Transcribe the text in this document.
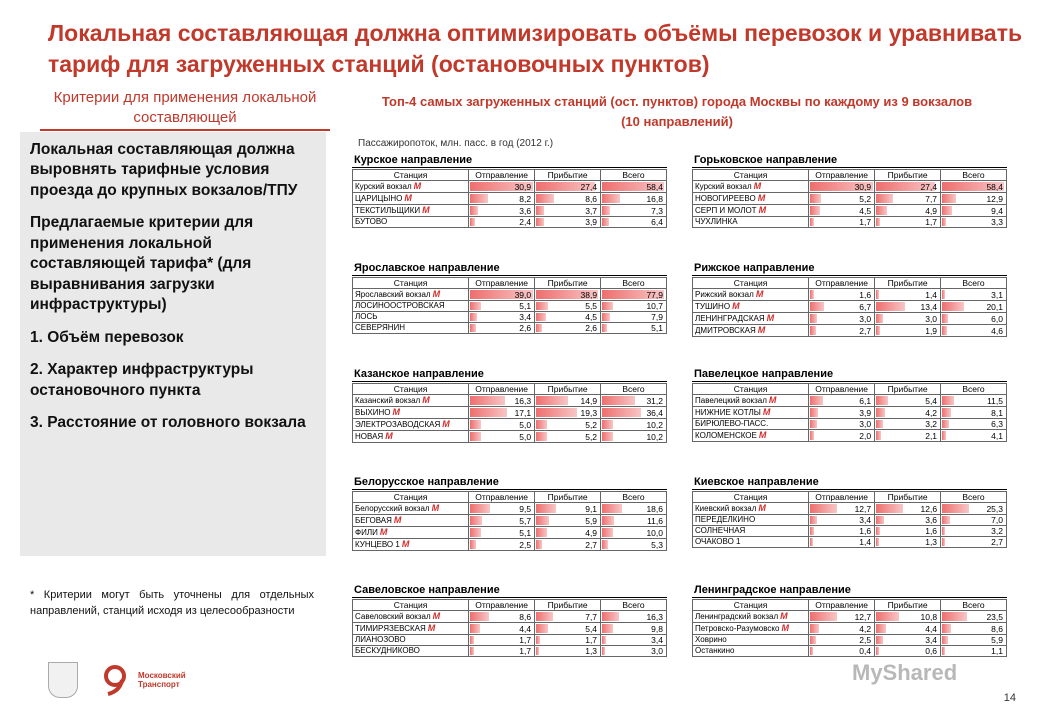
Локальная составляющая должна оптимизировать объёмы перевозок и уравнивать тариф для загруженных станций (остановочных пунктов)
Критерии для применения локальной составляющей

Локальная составляющая должна выровнять тарифные условия проезда до крупных вокзалов/ТПУ

Предлагаемые критерии для применения локальной составляющей тарифа* (для выравнивания загрузки инфраструктуры)

1. Объём перевозок

2. Характер инфраструктуры остановочного пункта

3. Расстояние от головного вокзала

* Критерии могут быть уточнены для отдельных направлений, станций исходя из целесообразности
Московский Транспорт
Топ-4 самых загруженных станций (ост. пунктов) города Москвы по каждому из 9 вокзалов (10 направлений)
Пассажиропоток, млн. пасс. в год (2012 г.)
Курское направление
Станция	Отправление	Прибытие	Всего
Курский вокзал М	30,9	27,4	58,4
ЦАРИЦЫНО М	8,2	8,6	16,8
ТЕКСТИЛЬЩИКИ М	3,6	3,7	7,3
БУТОВО	2,4	3,9	6,4
Горьковское направление
Станция	Отправление	Прибытие	Всего
Курский вокзал М	30,9	27,4	58,4
НОВОГИРЕЕВО М	5,2	7,7	12,9
СЕРП И МОЛОТ М	4,5	4,9	9,4
ЧУХЛИНКА	1,7	1,7	3,3
Ярославское направление
Станция	Отправление	Прибытие	Всего
Ярославский вокзал М	39,0	38,9	77,9
ЛОСИНООСТРОВСКАЯ	5,1	5,5	10,7
ЛОСЬ	3,4	4,5	7,9
СЕВЕРЯНИН	2,6	2,6	5,1
Рижское направление
Станция	Отправление	Прибытие	Всего
Рижский вокзал М	1,6	1,4	3,1
ТУШИНО М	6,7	13,4	20,1
ЛЕНИНГРАДСКАЯ М	3,0	3,0	6,0
ДМИТРОВСКАЯ М	2,7	1,9	4,6
Казанское направление
Станция	Отправление	Прибытие	Всего
Казанский вокзал М	16,3	14,9	31,2
ВЫХИНО М	17,1	19,3	36,4
ЭЛЕКТРОЗАВОДСКАЯ М	5,0	5,2	10,2
НОВАЯ М	5,0	5,2	10,2
Павелецкое направление
Станция	Отправление	Прибытие	Всего
Павелецкий вокзал М	6,1	5,4	11,5
НИЖНИЕ КОТЛЫ М	3,9	4,2	8,1
БИРЮЛЕВО-ПАСС.	3,0	3,2	6,3
КОЛОМЕНСКОЕ М	2,0	2,1	4,1
Белорусское направление
Станция	Отправление	Прибытие	Всего
Белорусский вокзал М	9,5	9,1	18,6
БЕГОВАЯ М	5,7	5,9	11,6
ФИЛИ М	5,1	4,9	10,0
КУНЦЕВО 1 М	2,5	2,7	5,3
Киевское направление
Станция	Отправление	Прибытие	Всего
Киевский вокзал М	12,7	12,6	25,3
ПЕРЕДЕЛКИНО	3,4	3,6	7,0
СОЛНЕЧНАЯ	1,6	1,6	3,2
ОЧАКОВО 1	1,4	1,3	2,7
Савеловское направление
Станция	Отправление	Прибытие	Всего
Савеловский вокзал М	8,6	7,7	16,3
ТИМИРЯЗЕВСКАЯ М	4,4	5,4	9,8
ЛИАНОЗОВО	1,7	1,7	3,4
БЕСКУДНИКОВО	1,7	1,3	3,0
Ленинградское направление
Станция	Отправление	Прибытие	Всего
Ленинградский вокзал М	12,7	10,8	23,5
Петровско-Разумовско М	4,2	4,4	8,6
Ховрино	2,5	3,4	5,9
Останкино	0,4	0,6	1,1
MyShared
14
